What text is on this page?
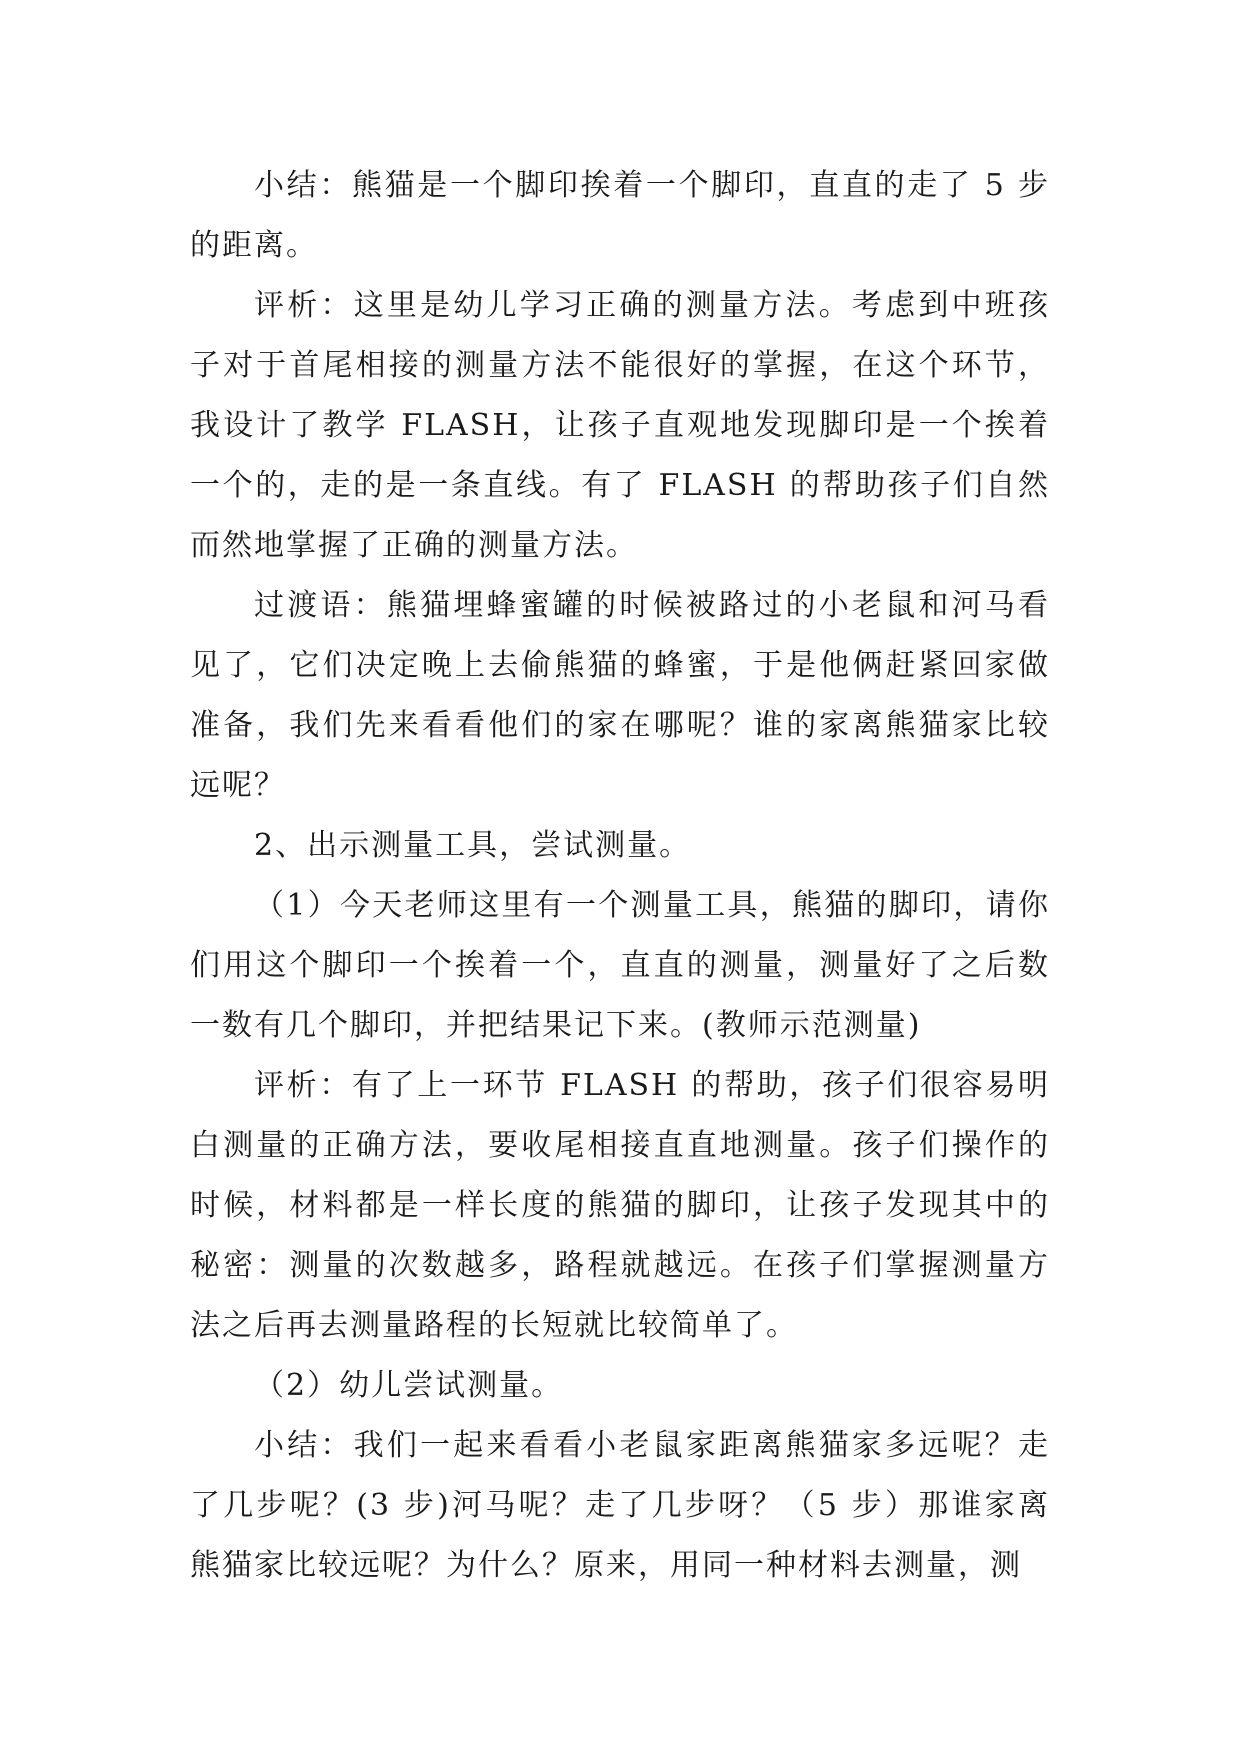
小结：熊猫是一个脚印挨着一个脚印，直直的走了 5 步的距离。

评析：这里是幼儿学习正确的测量方法。考虑到中班孩子对于首尾相接的测量方法不能很好的掌握，在这个环节，我设计了教学 FLASH，让孩子直观地发现脚印是一个挨着一个的，走的是一条直线。有了 FLASH 的帮助孩子们自然而然地掌握了正确的测量方法。

过渡语：熊猫埋蜂蜜罐的时候被路过的小老鼠和河马看见了，它们决定晚上去偷熊猫的蜂蜜，于是他俩赶紧回家做准备，我们先来看看他们的家在哪呢？谁的家离熊猫家比较远呢？

2、出示测量工具，尝试测量。

（1）今天老师这里有一个测量工具，熊猫的脚印，请你们用这个脚印一个挨着一个，直直的测量，测量好了之后数一数有几个脚印，并把结果记下来。(教师示范测量)

评析：有了上一环节 FLASH 的帮助，孩子们很容易明白测量的正确方法，要收尾相接直直地测量。孩子们操作的时候，材料都是一样长度的熊猫的脚印，让孩子发现其中的秘密：测量的次数越多，路程就越远。在孩子们掌握测量方法之后再去测量路程的长短就比较简单了。

（2）幼儿尝试测量。

小结：我们一起来看看小老鼠家距离熊猫家多远呢？走了几步呢？(3 步)河马呢？走了几步呀？（5 步）那谁家离熊猫家比较远呢？为什么？原来，用同一种材料去测量，测
